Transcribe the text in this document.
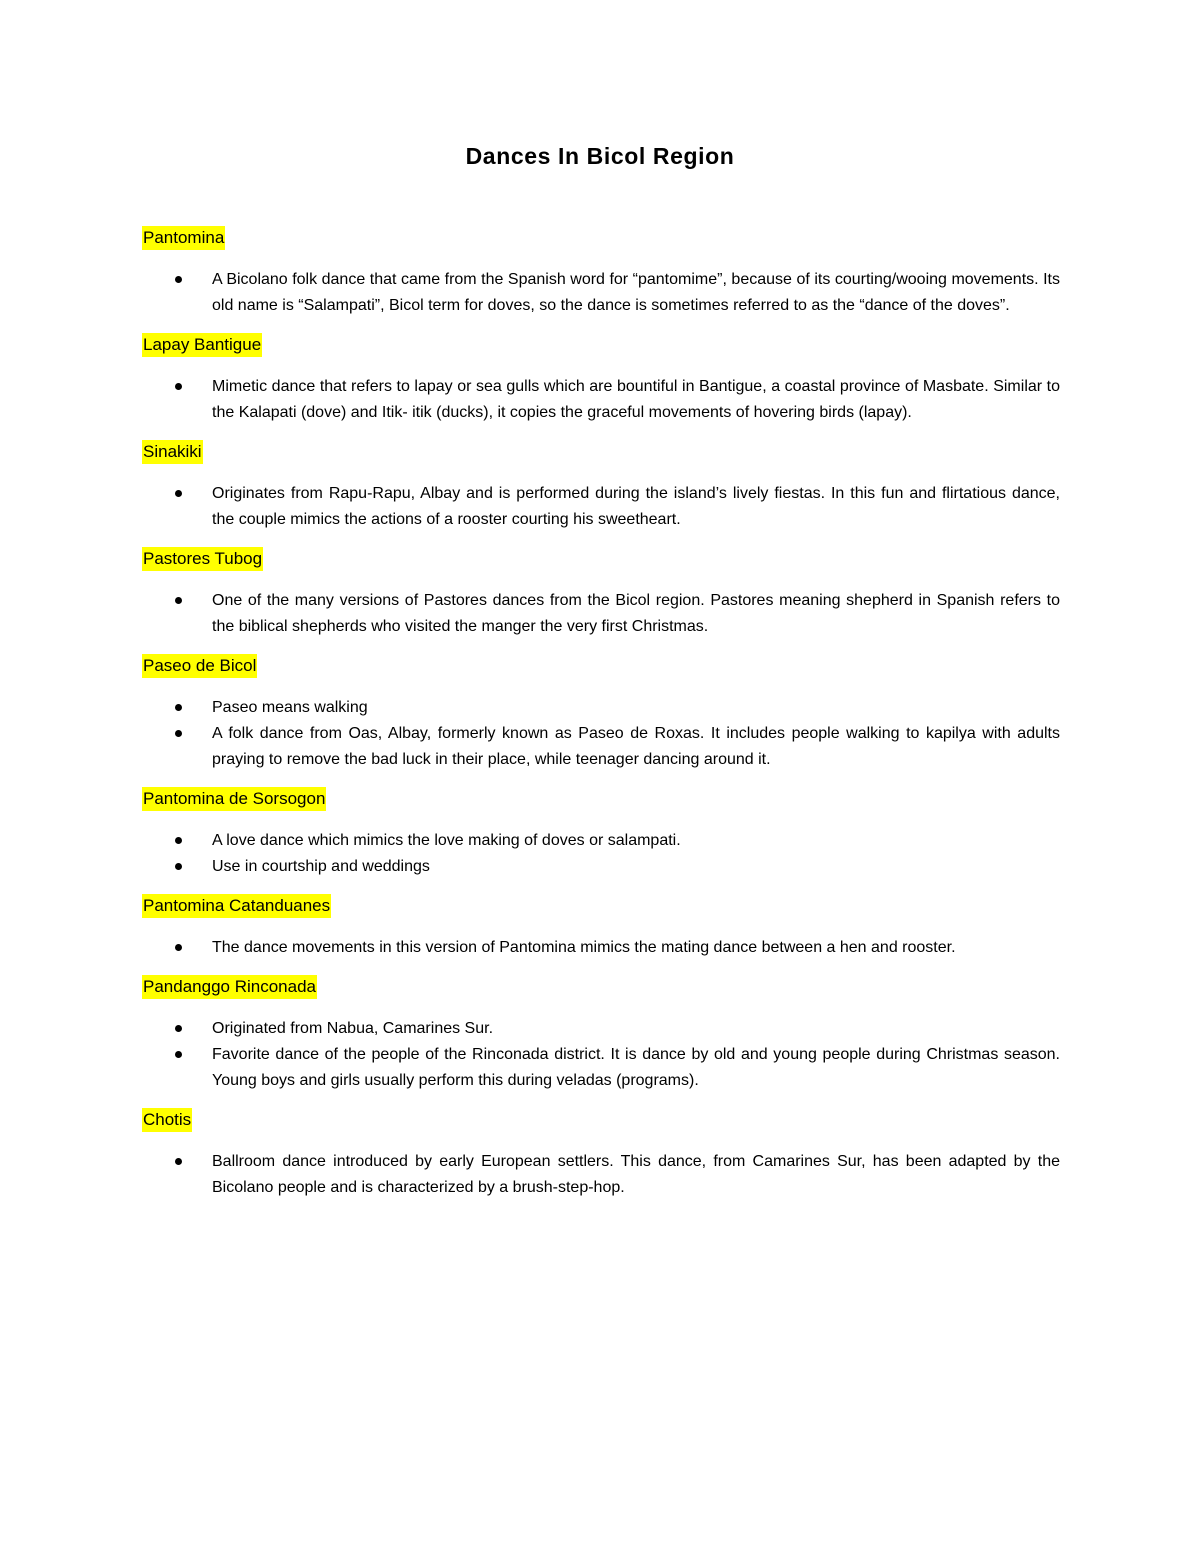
Dances In Bicol Region
Pantomina
A Bicolano folk dance that came from the Spanish word for “pantomime”, because of its courting/wooing movements. Its old name is “Salampati”, Bicol term for doves, so the dance is sometimes referred to as the “dance of the doves”.
Lapay Bantigue
Mimetic dance that refers to lapay or sea gulls which are bountiful in Bantigue, a coastal province of Masbate. Similar to the Kalapati (dove) and Itik- itik (ducks), it copies the graceful movements of hovering birds (lapay).
Sinakiki
Originates from Rapu-Rapu, Albay and is performed during the island’s lively fiestas. In this fun and flirtatious dance, the couple mimics the actions of a rooster courting his sweetheart.
Pastores Tubog
One of the many versions of Pastores dances from the Bicol region. Pastores meaning shepherd in Spanish refers to the biblical shepherds who visited the manger the very first Christmas.
Paseo de Bicol
Paseo means walking
A folk dance from Oas, Albay, formerly known as Paseo de Roxas. It includes people walking to kapilya with adults praying to remove the bad luck in their place, while teenager dancing around it.
Pantomina de Sorsogon
A love dance which mimics the love making of doves or salampati.
Use in courtship and weddings
Pantomina Catanduanes
The dance movements in this version of Pantomina mimics the mating dance between a hen and rooster.
Pandanggo Rinconada
Originated from Nabua, Camarines Sur.
Favorite dance of the people of the Rinconada district. It is dance by old and young people during Christmas season. Young boys and girls usually perform this during veladas (programs).
Chotis
Ballroom dance introduced by early European settlers. This dance, from Camarines Sur, has been adapted by the Bicolano people and is characterized by a brush-step-hop.
